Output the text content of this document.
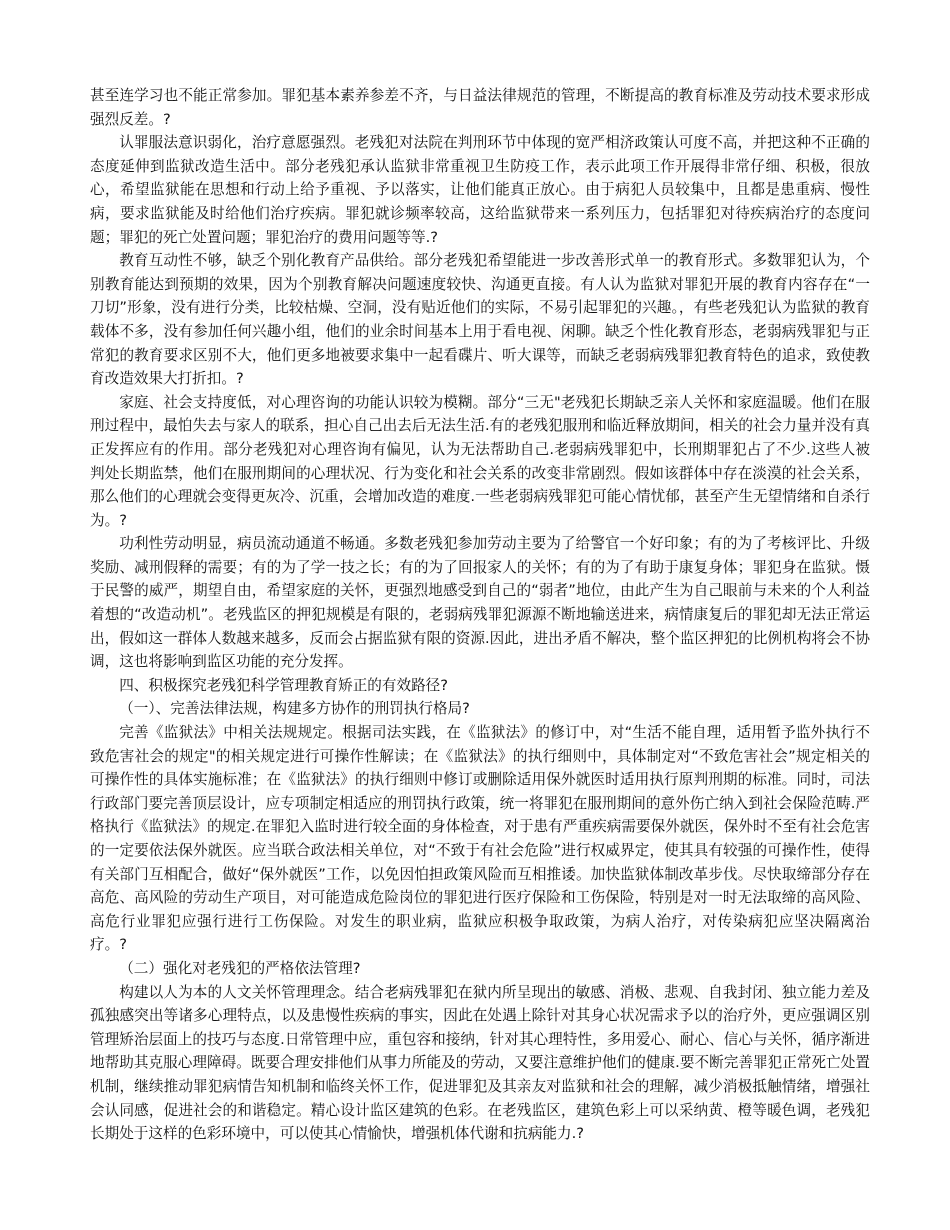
甚至连学习也不能正常参加。罪犯基本素养参差不齐，与日益法律规范的管理，不断提高的教育标准及劳动技术要求形成强烈反差。?

认罪服法意识弱化，治疗意愿强烈。老残犯对法院在判刑环节中体现的宽严相济政策认可度不高，并把这种不正确的态度延伸到监狱改造生活中。部分老残犯承认监狱非常重视卫生防疫工作，表示此项工作开展得非常仔细、积极，很放心，希望监狱能在思想和行动上给予重视、予以落实，让他们能真正放心。由于病犯人员较集中，且都是患重病、慢性病，要求监狱能及时给他们治疗疾病。罪犯就诊频率较高，这给监狱带来一系列压力，包括罪犯对待疾病治疗的态度问题；罪犯的死亡处置问题；罪犯治疗的费用问题等等.?

教育互动性不够，缺乏个别化教育产品供给。部分老残犯希望能进一步改善形式单一的教育形式。多数罪犯认为，个别教育能达到预期的效果，因为个别教育解决问题速度较快、沟通更直接。有人认为监狱对罪犯开展的教育内容存在“一刀切”形象，没有进行分类，比较枯燥、空洞，没有贴近他们的实际，不易引起罪犯的兴趣。，有些老残犯认为监狱的教育载体不多，没有参加任何兴趣小组，他们的业余时间基本上用于看电视、闲聊。缺乏个性化教育形态，老弱病残罪犯与正常犯的教育要求区别不大，他们更多地被要求集中一起看碟片、听大课等，而缺乏老弱病残罪犯教育特色的追求，致使教育改造效果大打折扣。?

家庭、社会支持度低，对心理咨询的功能认识较为模糊。部分“三无"老残犯长期缺乏亲人关怀和家庭温暖。他们在服刑过程中，最怕失去与家人的联系，担心自己出去后无法生活.有的老残犯服刑和临近释放期间，相关的社会力量并没有真正发挥应有的作用。部分老残犯对心理咨询有偏见，认为无法帮助自己.老弱病残罪犯中，长刑期罪犯占了不少.这些人被判处长期监禁，他们在服刑期间的心理状况、行为变化和社会关系的改变非常剧烈。假如该群体中存在淡漠的社会关系，那么他们的心理就会变得更灰冷、沉重，会增加改造的难度.一些老弱病残罪犯可能心情忧郁，甚至产生无望情绪和自杀行为。?

功利性劳动明显，病员流动通道不畅通。多数老残犯参加劳动主要为了给警官一个好印象；有的为了考核评比、升级奖励、减刑假释的需要；有的为了学一技之长；有的为了回报家人的关怀；有的为了有助于康复身体；罪犯身在监狱。慑于民警的威严，期望自由，希望家庭的关怀，更强烈地感受到自己的“弱者”地位，由此产生为自己眼前与未来的个人利益着想的“改造动机”。老残监区的押犯规模是有限的，老弱病残罪犯源源不断地输送进来，病情康复后的罪犯却无法正常运出，假如这一群体人数越来越多，反而会占据监狱有限的资源.因此，进出矛盾不解决，整个监区押犯的比例机构将会不协调，这也将影响到监区功能的充分发挥。

四、积极探究老残犯科学管理教育矫正的有效路径?

（一）、完善法律法规，构建多方协作的刑罚执行格局?

完善《监狱法》中相关法规规定。根据司法实践，在《监狱法》的修订中，对“生活不能自理，适用暂予监外执行不致危害社会的规定"的相关规定进行可操作性解读；在《监狱法》的执行细则中，具体制定对“不致危害社会”规定相关的可操作性的具体实施标准；在《监狱法》的执行细则中修订或删除适用保外就医时适用执行原判刑期的标准。同时，司法行政部门要完善顶层设计，应专项制定相适应的刑罚执行政策，统一将罪犯在服刑期间的意外伤亡纳入到社会保险范畴.严格执行《监狱法》的规定.在罪犯入监时进行较全面的身体检查，对于患有严重疾病需要保外就医，保外时不至有社会危害的一定要依法保外就医。应当联合政法相关单位，对“不致于有社会危险”进行权威界定，使其具有较强的可操作性，使得有关部门互相配合，做好“保外就医”工作，以免因怕担政策风险而互相推诿。加快监狱体制改革步伐。尽快取缔部分存在高危、高风险的劳动生产项目，对可能造成危险岗位的罪犯进行医疗保险和工伤保险，特别是对一时无法取缔的高风险、高危行业罪犯应强行进行工伤保险。对发生的职业病，监狱应积极争取政策，为病人治疗，对传染病犯应坚决隔离治疗。?

（二）强化对老残犯的严格依法管理?

构建以人为本的人文关怀管理理念。结合老病残罪犯在狱内所呈现出的敏感、消极、悲观、自我封闭、独立能力差及孤独感突出等诸多心理特点，以及患慢性疾病的事实，因此在处遇上除针对其身心状况需求予以的治疗外，更应强调区别管理矫治层面上的技巧与态度.日常管理中应，重包容和接纳，针对其心理特性，多用爱心、耐心、信心与关怀，循序渐进地帮助其克服心理障碍。既要合理安排他们从事力所能及的劳动，又要注意维护他们的健康.要不断完善罪犯正常死亡处置机制，继续推动罪犯病情告知机制和临终关怀工作，促进罪犯及其亲友对监狱和社会的理解，减少消极抵触情绪，增强社会认同感，促进社会的和谐稳定。精心设计监区建筑的色彩。在老残监区，建筑色彩上可以采纳黄、橙等暖色调，老残犯长期处于这样的色彩环境中，可以使其心情愉快，增强机体代谢和抗病能力.?
